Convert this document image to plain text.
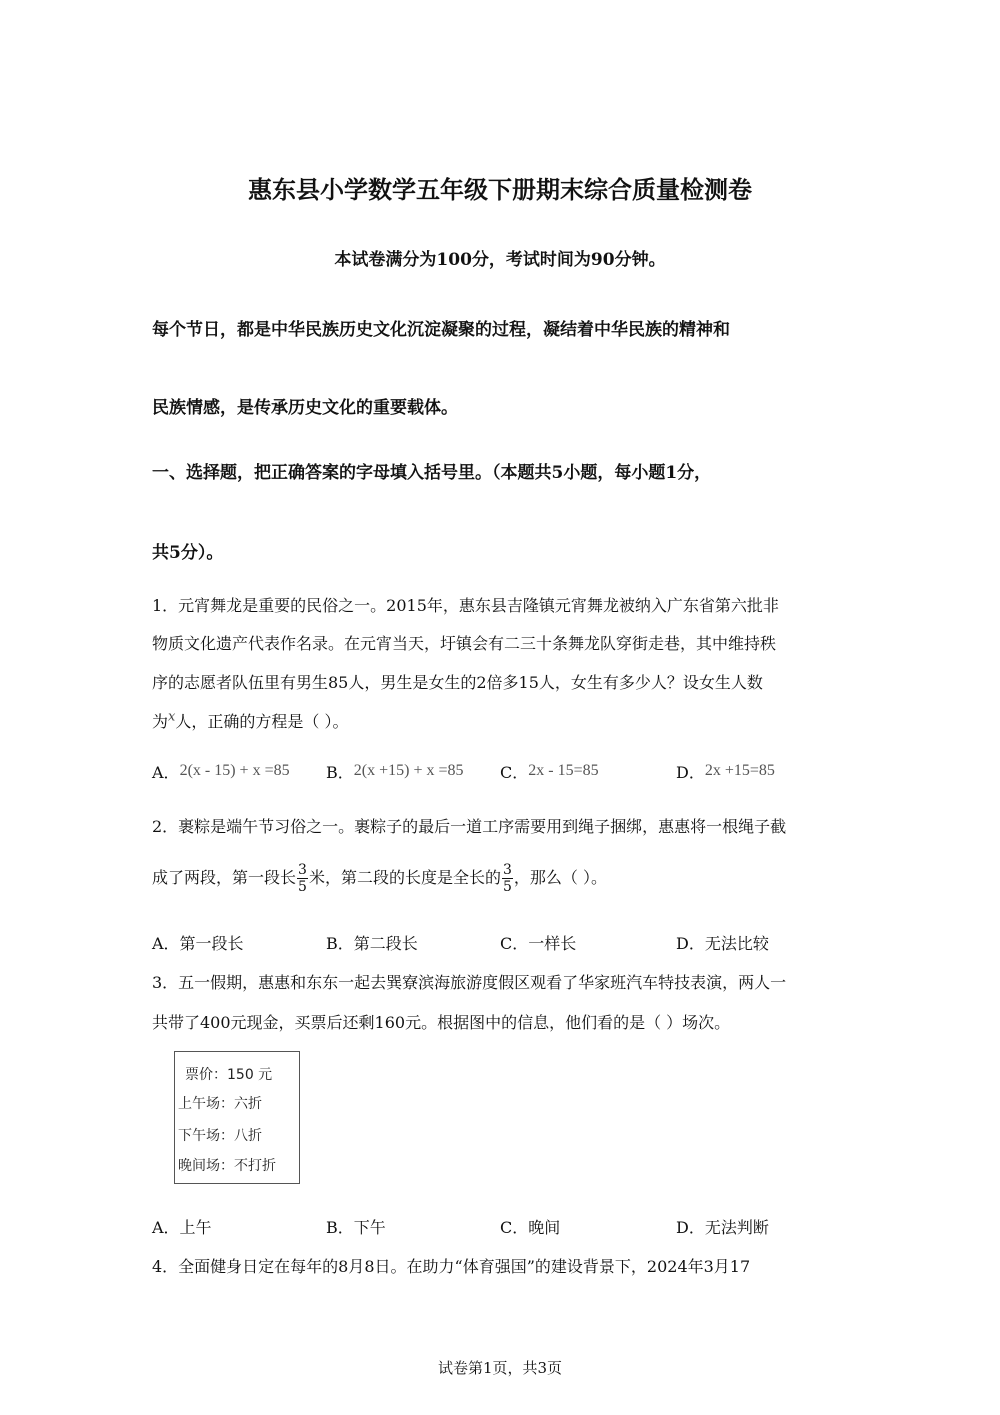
惠东县小学数学五年级下册期末综合质量检测卷
本试卷满分为100分，考试时间为90分钟。
每个节日，都是中华民族历史文化沉淀凝聚的过程，凝结着中华民族的精神和
民族情感，是传承历史文化的重要载体。
一、选择题，把正确答案的字母填入括号里。（本题共5小题，每小题1分，
共5分）。
1．元宵舞龙是重要的民俗之一。2015年，惠东县吉隆镇元宵舞龙被纳入广东省第六批非
物质文化遗产代表作名录。在元宵当天，圩镇会有二三十条舞龙队穿街走巷，其中维持秩
序的志愿者队伍里有男生85人，男生是女生的2倍多15人，女生有多少人？设女生人数
为$^x$人，正确的方程是（ ）。
A．2(x - 15) + x =85 B．2(x +15) + x =85 C．2x - 15=85	D．2x +15=85
2．裹粽是端午节习俗之一。裹粽子的最后一道工序需要用到绳子捆绑，惠惠将一根绳子截
成了两段，第一段长 $\frac{3}{5}$ 米，第二段的长度是全长的 $\frac{3}{5}$ ，那么（ ）。
A．第一段长	B．第二段长	C．一样长	D．无法比较
3．五一假期，惠惠和东东一起去巽寮滨海旅游度假区观看了华家班汽车特技表演，两人一
共带了400元现金，买票后还剩160元。根据图中的信息，他们看的是（ ）场次。
票价：150 元
上午场：六折
下午场：八折
晚间场：不打折
A．上午	B．下午	C．晚间	D．无法判断
4．全面健身日定在每年的8月8日。在助力“体育强国”的建设背景下，2024年3月17
试卷第1页，共3页
